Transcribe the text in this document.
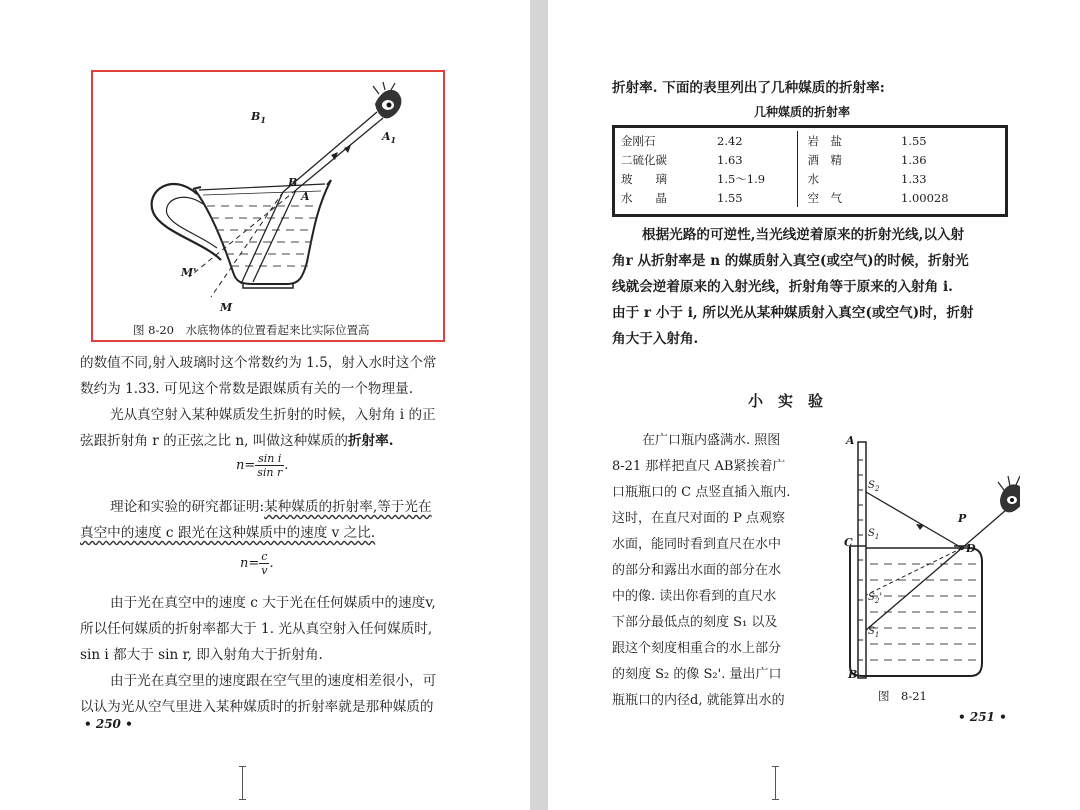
$B_1$
$A_1$
B
A
M'
M
图 8-20　水底物体的位置看起来比实际位置高
的数值不同,射入玻璃时这个常数约为 1.5，射入水时这个常
数约为 1.33. 可见这个常数是跟媒质有关的一个物理量.
光从真空射入某种媒质发生折射的时候，入射角 i 的正
弦跟折射角 r 的正弦之比 n, 叫做这种媒质的折射率.
$n= \frac{\text{sin i}}{\text{sin r}}$ .
理论和实验的研究都证明:某种媒质的折射率,等于光在
真空中的速度 c 跟光在这种媒质中的速度 v 之比.
$n= \frac{c}{v}$ .
由于光在真空中的速度 c 大于光在任何媒质中的速度v,
所以任何媒质的折射率都大于 1. 光从真空射入任何媒质时,
sin i 都大于 sin r, 即入射角大于折射角.
由于光在真空里的速度跟在空气里的速度相差很小，可
以认为光从空气里进入某种媒质时的折射率就是那种媒质的
• 250 •
折射率. 下面的表里列出了几种媒质的折射率:
几种媒质的折射率
金刚石	2.42	岩　盐	1.55
二硫化碳	1.63	酒　精	1.36
玻　　璃	1.5～1.9	水	1.33
水　　晶	1.55	空　气	1.00028
根据光路的可逆性,当光线逆着原来的折射光线,以入射
角r 从折射率是 n 的媒质射入真空(或空气)的时候，折射光
线就会逆着原来的入射光线，折射角等于原来的入射角 i.
由于 r 小于 i, 所以光从某种媒质射入真空(或空气)时，折射
角大于入射角.
小　实　验
在广口瓶内盛满水. 照图
8-21 那样把直尺 AB紧挨着广
口瓶瓶口的 C 点竖直插入瓶内.
这时，在直尺对面的 P 点观察
水面，能同时看到直尺在水中
的部分和露出水面的部分在水
中的像. 读出你看到的直尺水
下部分最低点的刻度 S₁ 以及
跟这个刻度相重合的水上部分
的刻度 S₂ 的像 S₂'. 量出广口
瓶瓶口的内径d, 就能算出水的
A
B
C	D
P
$S_2$
$S_1$
$S_2'$
$S_1$
图　8-21
• 251 •
